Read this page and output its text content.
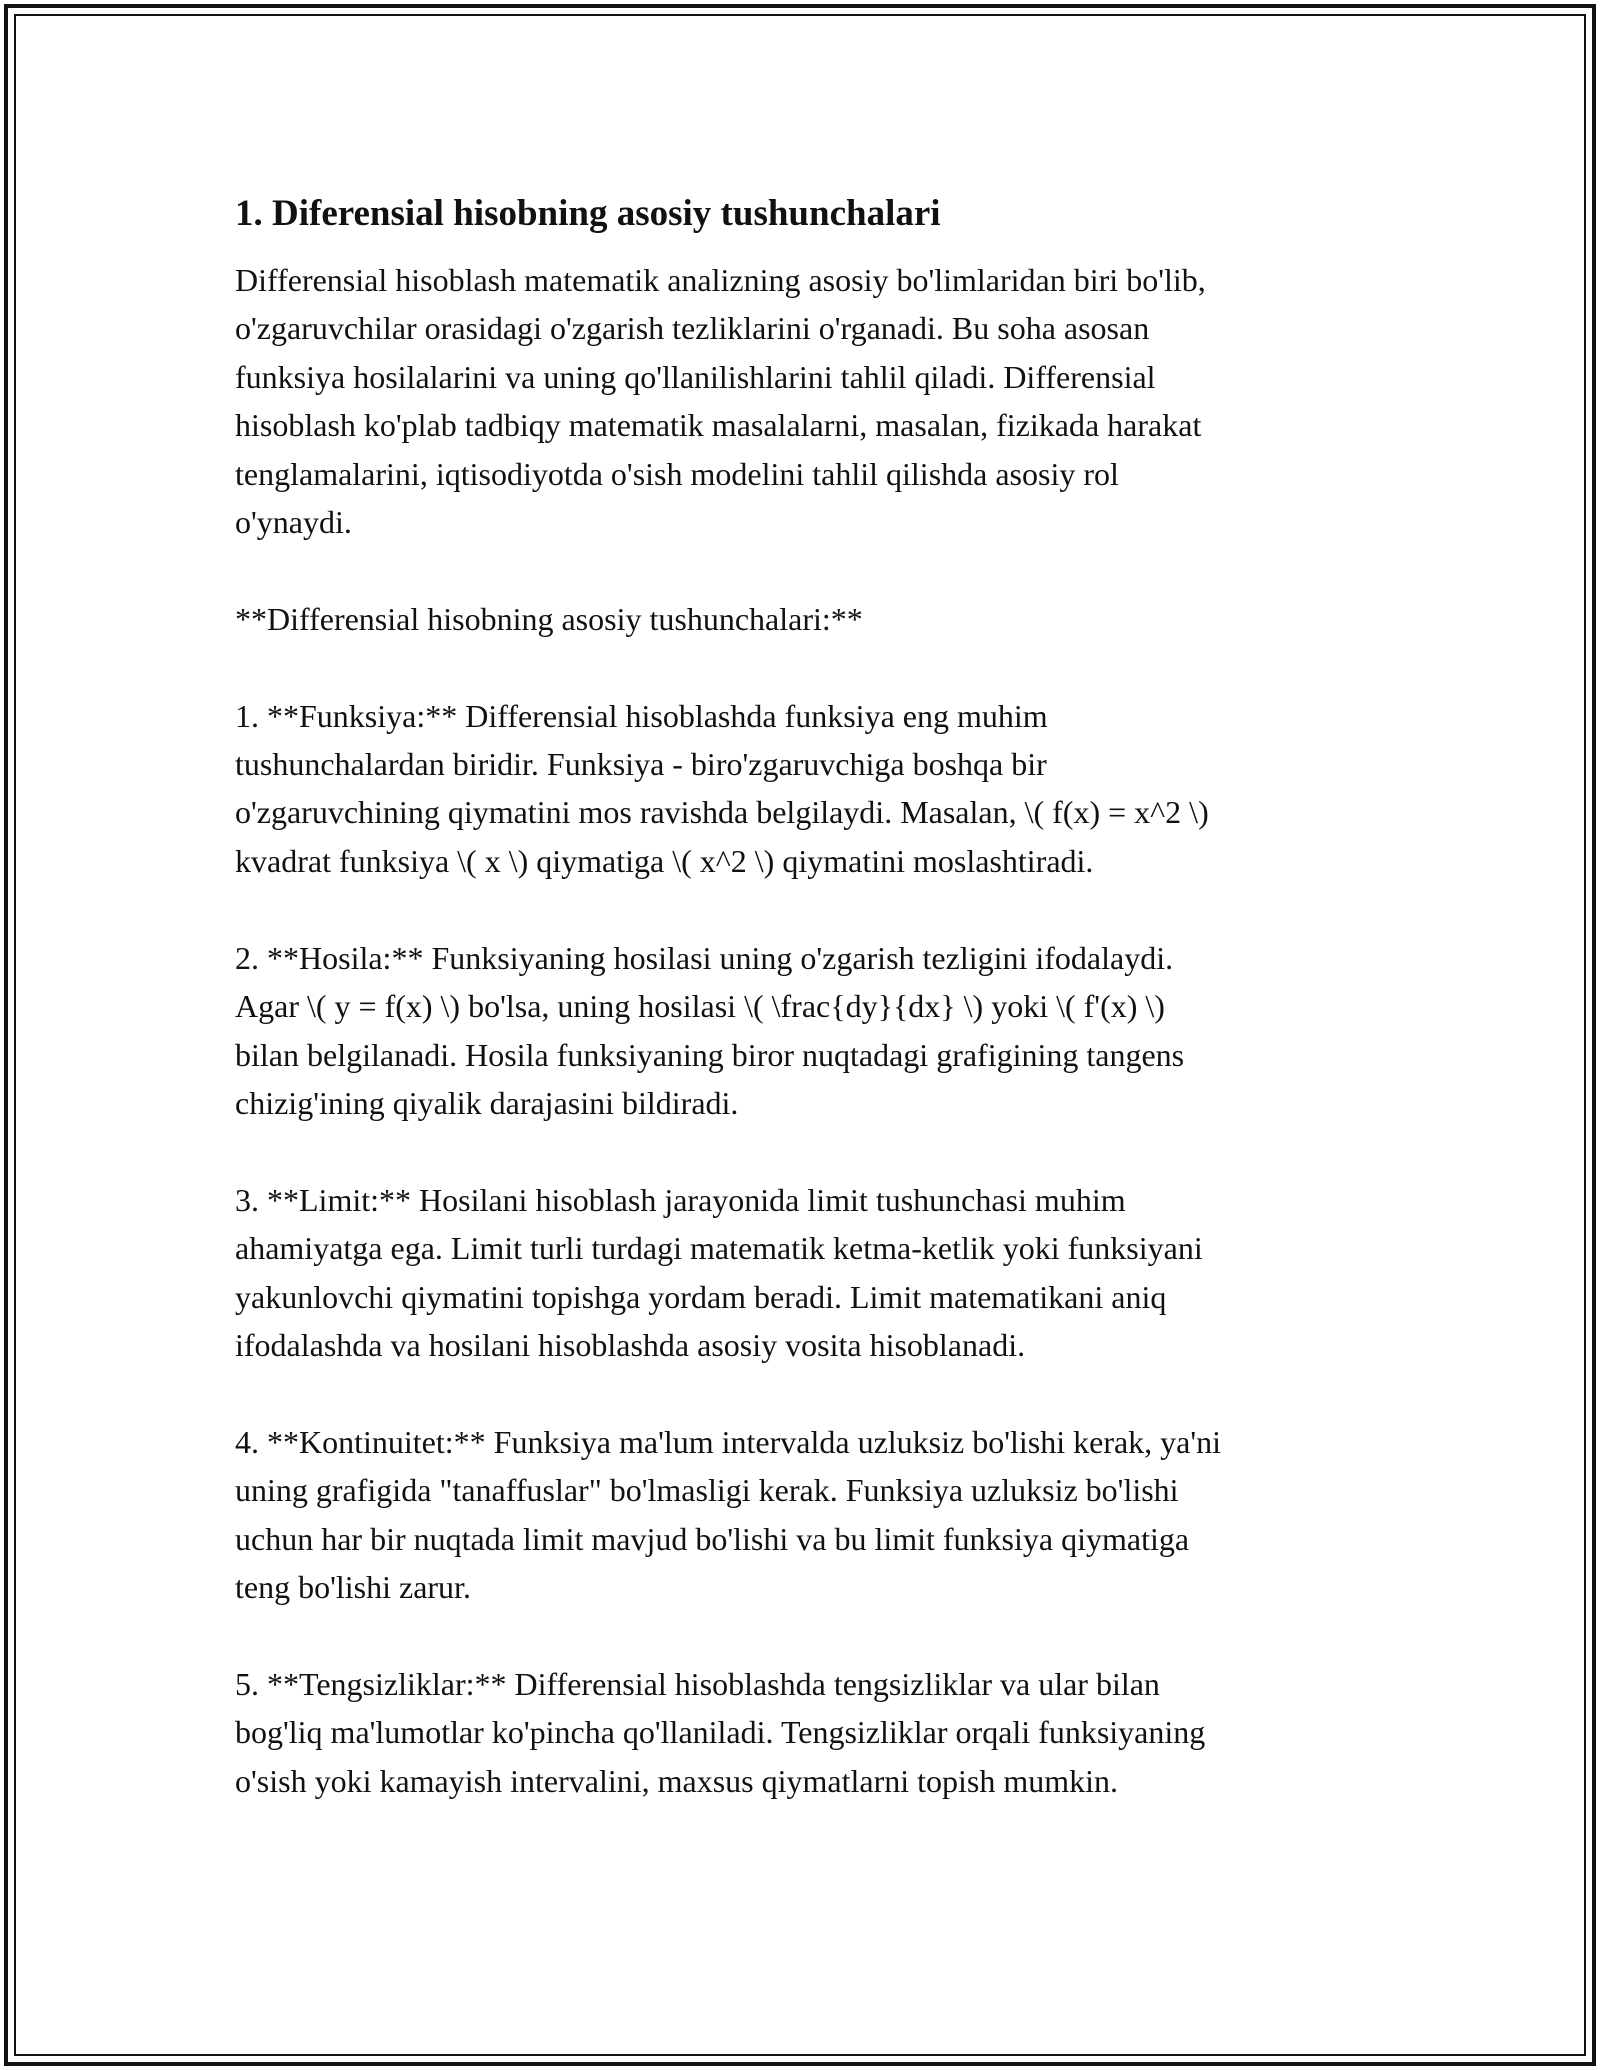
1. Diferensial hisobning asosiy tushunchalari
Differensial hisoblash matematik analizning asosiy bo'limlaridan biri bo'lib,
o'zgaruvchilar orasidagi o'zgarish tezliklarini o'rganadi. Bu soha asosan
funksiya hosilalarini va uning qo'llanilishlarini tahlil qiladi. Differensial
hisoblash ko'plab tadbiqy matematik masalalarni, masalan, fizikada harakat
tenglamalarini, iqtisodiyotda o'sish modelini tahlil qilishda asosiy rol
o'ynaydi.

**Differensial hisobning asosiy tushunchalari:**

1. **Funksiya:** Differensial hisoblashda funksiya eng muhim
tushunchalardan biridir. Funksiya - biro'zgaruvchiga boshqa bir
o'zgaruvchining qiymatini mos ravishda belgilaydi. Masalan, \( f(x) = x^2 \)
kvadrat funksiya \( x \) qiymatiga \( x^2 \) qiymatini moslashtiradi.

2. **Hosila:** Funksiyaning hosilasi uning o'zgarish tezligini ifodalaydi.
Agar \( y = f(x) \) bo'lsa, uning hosilasi \( \frac{dy}{dx} \) yoki \( f'(x) \)
bilan belgilanadi. Hosila funksiyaning biror nuqtadagi grafigining tangens
chizig'ining qiyalik darajasini bildiradi.

3. **Limit:** Hosilani hisoblash jarayonida limit tushunchasi muhim
ahamiyatga ega. Limit turli turdagi matematik ketma-ketlik yoki funksiyani
yakunlovchi qiymatini topishga yordam beradi. Limit matematikani aniq
ifodalashda va hosilani hisoblashda asosiy vosita hisoblanadi.

4. **Kontinuitet:** Funksiya ma'lum intervalda uzluksiz bo'lishi kerak, ya'ni
uning grafigida "tanaffuslar" bo'lmasligi kerak. Funksiya uzluksiz bo'lishi
uchun har bir nuqtada limit mavjud bo'lishi va bu limit funksiya qiymatiga
teng bo'lishi zarur.

5. **Tengsizliklar:** Differensial hisoblashda tengsizliklar va ular bilan
bog'liq ma'lumotlar ko'pincha qo'llaniladi. Tengsizliklar orqali funksiyaning
o'sish yoki kamayish intervalini, maxsus qiymatlarni topish mumkin.
